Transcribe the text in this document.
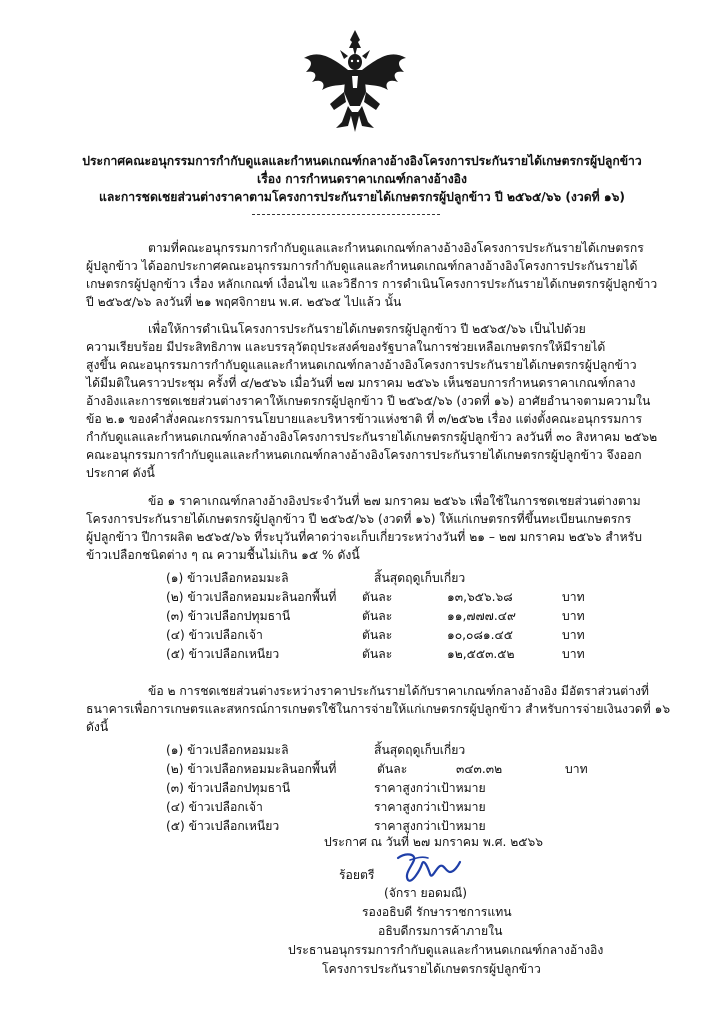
ประกาศคณะอนุกรรมการกำกับดูแลและกำหนดเกณฑ์กลางอ้างอิงโครงการประกันรายได้เกษตรกรผู้ปลูกข้าว
เรื่อง การกำหนดราคาเกณฑ์กลางอ้างอิง
และการชดเชยส่วนต่างราคาตามโครงการประกันรายได้เกษตรกรผู้ปลูกข้าว ปี ๒๕๖๕/๖๖ (งวดที่ ๑๖)
ตามที่คณะอนุกรรมการกำกับดูแลและกำหนดเกณฑ์กลางอ้างอิงโครงการประกันรายได้เกษตรกร
ผู้ปลูกข้าว ได้ออกประกาศคณะอนุกรรมการกำกับดูแลและกำหนดเกณฑ์กลางอ้างอิงโครงการประกันรายได้
เกษตรกรผู้ปลูกข้าว เรื่อง หลักเกณฑ์ เงื่อนไข และวิธีการ การดำเนินโครงการประกันรายได้เกษตรกรผู้ปลูกข้าว
ปี ๒๕๖๕/๖๖ ลงวันที่ ๒๑ พฤศจิกายน พ.ศ. ๒๕๖๕ ไปแล้ว นั้น
เพื่อให้การดำเนินโครงการประกันรายได้เกษตรกรผู้ปลูกข้าว ปี ๒๕๖๕/๖๖ เป็นไปด้วย
ความเรียบร้อย มีประสิทธิภาพ และบรรลุวัตถุประสงค์ของรัฐบาลในการช่วยเหลือเกษตรกรให้มีรายได้
สูงขึ้น คณะอนุกรรมการกำกับดูแลและกำหนดเกณฑ์กลางอ้างอิงโครงการประกันรายได้เกษตรกรผู้ปลูกข้าว
ได้มีมติในคราวประชุม ครั้งที่ ๔/๒๕๖๖ เมื่อวันที่ ๒๗ มกราคม ๒๕๖๖ เห็นชอบการกำหนดราคาเกณฑ์กลาง
อ้างอิงและการชดเชยส่วนต่างราคาให้เกษตรกรผู้ปลูกข้าว ปี ๒๕๖๕/๖๖ (งวดที่ ๑๖) อาศัยอำนาจตามความใน
ข้อ ๒.๑ ของคำสั่งคณะกรรมการนโยบายและบริหารข้าวแห่งชาติ ที่ ๓/๒๕๖๒ เรื่อง แต่งตั้งคณะอนุกรรมการ
กำกับดูแลและกำหนดเกณฑ์กลางอ้างอิงโครงการประกันรายได้เกษตรกรผู้ปลูกข้าว ลงวันที่ ๓๐ สิงหาคม ๒๕๖๒
คณะอนุกรรมการกำกับดูแลและกำหนดเกณฑ์กลางอ้างอิงโครงการประกันรายได้เกษตรกรผู้ปลูกข้าว จึงออก
ประกาศ ดังนี้
ข้อ ๑ ราคาเกณฑ์กลางอ้างอิงประจำวันที่ ๒๗ มกราคม ๒๕๖๖ เพื่อใช้ในการชดเชยส่วนต่างตาม
โครงการประกันรายได้เกษตรกรผู้ปลูกข้าว ปี ๒๕๖๕/๖๖ (งวดที่ ๑๖) ให้แก่เกษตรกรที่ขึ้นทะเบียนเกษตรกร
ผู้ปลูกข้าว ปีการผลิต ๒๕๖๕/๖๖ ที่ระบุวันที่คาดว่าจะเก็บเกี่ยวระหว่างวันที่ ๒๑ – ๒๗ มกราคม ๒๕๖๖ สำหรับ
ข้าวเปลือกชนิดต่าง ๆ ณ ความชื้นไม่เกิน ๑๕ % ดังนี้
(๑) ข้าวเปลือกหอมมะลิ	สิ้นสุดฤดูเก็บเกี่ยว
(๒) ข้าวเปลือกหอมมะลินอกพื้นที่ ตันละ	๑๓,๖๕๖.๖๘	บาท
(๓) ข้าวเปลือกปทุมธานี	ตันละ	๑๑,๗๗๗.๔๙	บาท
(๔) ข้าวเปลือกเจ้า	ตันละ	๑๐,๐๘๑.๔๕	บาท
(๕) ข้าวเปลือกเหนียว	ตันละ	๑๒,๕๕๓.๕๒	บาท
ข้อ ๒ การชดเชยส่วนต่างระหว่างราคาประกันรายได้กับราคาเกณฑ์กลางอ้างอิง มีอัตราส่วนต่างที่
ธนาคารเพื่อการเกษตรและสหกรณ์การเกษตรใช้ในการจ่ายให้แก่เกษตรกรผู้ปลูกข้าว สำหรับการจ่ายเงินงวดที่ ๑๖
ดังนี้
(๑) ข้าวเปลือกหอมมะลิ	สิ้นสุดฤดูเก็บเกี่ยว
(๒) ข้าวเปลือกหอมมะลินอกพื้นที่	ตันละ	๓๔๓.๓๒	บาท
(๓) ข้าวเปลือกปทุมธานี	ราคาสูงกว่าเป้าหมาย
(๔) ข้าวเปลือกเจ้า	ราคาสูงกว่าเป้าหมาย
(๕) ข้าวเปลือกเหนียว	ราคาสูงกว่าเป้าหมาย
ประกาศ ณ วันที่ ๒๗ มกราคม พ.ศ. ๒๕๖๖
ร้อยตรี
(จักรา ยอดมณี)
รองอธิบดี รักษาราชการแทน
อธิบดีกรมการค้าภายใน
ประธานอนุกรรมการกำกับดูแลและกำหนดเกณฑ์กลางอ้างอิง
โครงการประกันรายได้เกษตรกรผู้ปลูกข้าว
